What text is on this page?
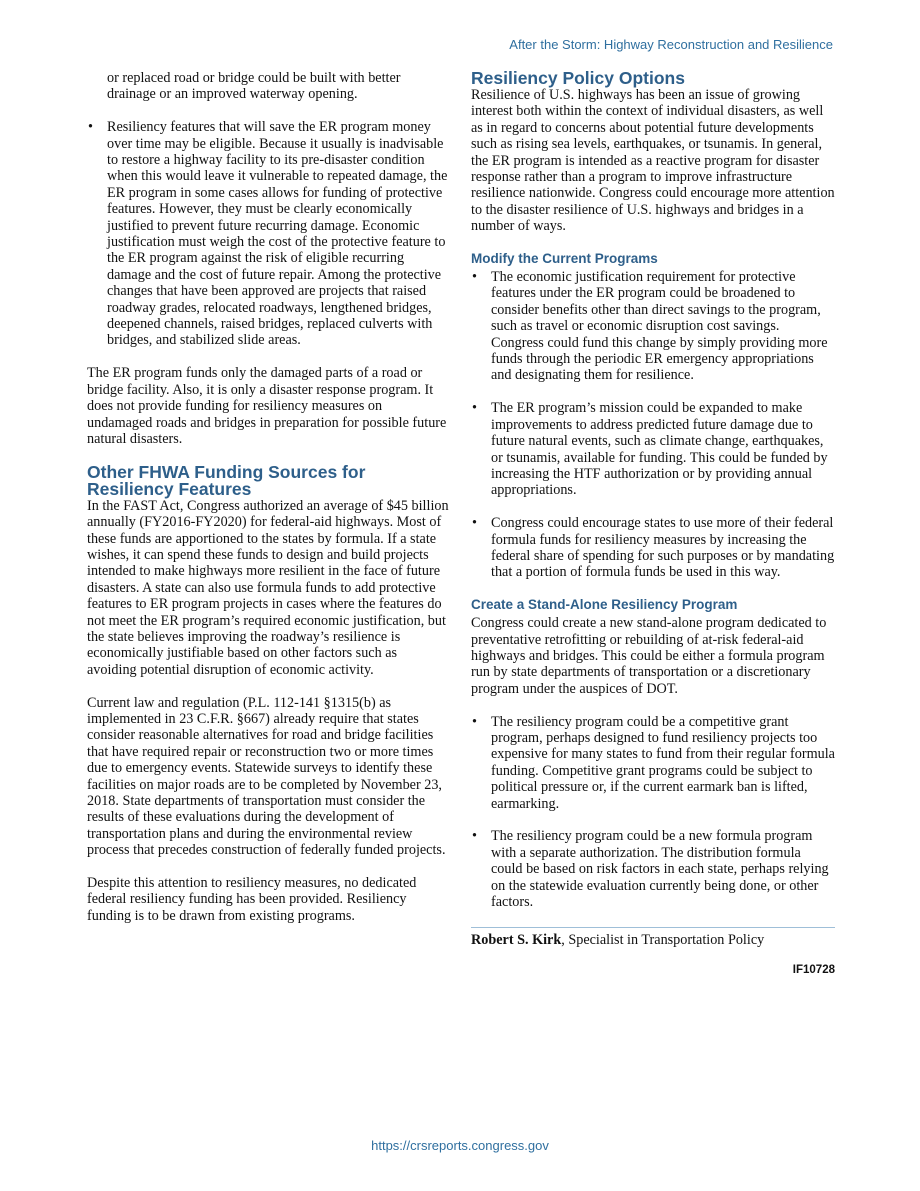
After the Storm: Highway Reconstruction and Resilience

or replaced road or bridge could be built with better drainage or an improved waterway opening.

• Resiliency features that will save the ER program money over time may be eligible. Because it usually is inadvisable to restore a highway facility to its pre-disaster condition when this would leave it vulnerable to repeated damage, the ER program in some cases allows for funding of protective features. However, they must be clearly economically justified to prevent future recurring damage. Economic justification must weigh the cost of the protective feature to the ER program against the risk of eligible recurring damage and the cost of future repair. Among the protective changes that have been approved are projects that raised roadway grades, relocated roadways, lengthened bridges, deepened channels, raised bridges, replaced culverts with bridges, and stabilized slide areas.

The ER program funds only the damaged parts of a road or bridge facility. Also, it is only a disaster response program. It does not provide funding for resiliency measures on undamaged roads and bridges in preparation for possible future natural disasters.

Other FHWA Funding Sources for Resiliency Features

In the FAST Act, Congress authorized an average of $45 billion annually (FY2016-FY2020) for federal-aid highways. Most of these funds are apportioned to the states by formula. If a state wishes, it can spend these funds to design and build projects intended to make highways more resilient in the face of future disasters. A state can also use formula funds to add protective features to ER program projects in cases where the features do not meet the ER program’s required economic justification, but the state believes improving the roadway’s resilience is economically justifiable based on other factors such as avoiding potential disruption of economic activity.

Current law and regulation (P.L. 112-141 §1315(b) as implemented in 23 C.F.R. §667) already require that states consider reasonable alternatives for road and bridge facilities that have required repair or reconstruction two or more times due to emergency events. Statewide surveys to identify these facilities on major roads are to be completed by November 23, 2018. State departments of transportation must consider the results of these evaluations during the development of transportation plans and during the environmental review process that precedes construction of federally funded projects.

Despite this attention to resiliency measures, no dedicated federal resiliency funding has been provided. Resiliency funding is to be drawn from existing programs.

Resiliency Policy Options

Resilience of U.S. highways has been an issue of growing interest both within the context of individual disasters, as well as in regard to concerns about potential future developments such as rising sea levels, earthquakes, or tsunamis. In general, the ER program is intended as a reactive program for disaster response rather than a program to improve infrastructure resilience nationwide. Congress could encourage more attention to the disaster resilience of U.S. highways and bridges in a number of ways.

Modify the Current Programs
• The economic justification requirement for protective features under the ER program could be broadened to consider benefits other than direct savings to the program, such as travel or economic disruption cost savings. Congress could fund this change by simply providing more funds through the periodic ER emergency appropriations and designating them for resilience.
• The ER program’s mission could be expanded to make improvements to address predicted future damage due to future natural events, such as climate change, earthquakes, or tsunamis, available for funding. This could be funded by increasing the HTF authorization or by providing annual appropriations.
• Congress could encourage states to use more of their federal formula funds for resiliency measures by increasing the federal share of spending for such purposes or by mandating that a portion of formula funds be used in this way.
Create a Stand-Alone Resiliency Program

Congress could create a new stand-alone program dedicated to preventative retrofitting or rebuilding of at-risk federal-aid highways and bridges. This could be either a formula program run by state departments of transportation or a discretionary program under the auspices of DOT.

• The resiliency program could be a competitive grant program, perhaps designed to fund resiliency projects too expensive for many states to fund from their regular formula funding. Competitive grant programs could be subject to political pressure or, if the current earmark ban is lifted, earmarking.
• The resiliency program could be a new formula program with a separate authorization. The distribution formula could be based on risk factors in each state, perhaps relying on the statewide evaluation currently being done, or other factors.
Robert S. Kirk, Specialist in Transportation Policy
IF10728
https://crsreports.congress.gov
